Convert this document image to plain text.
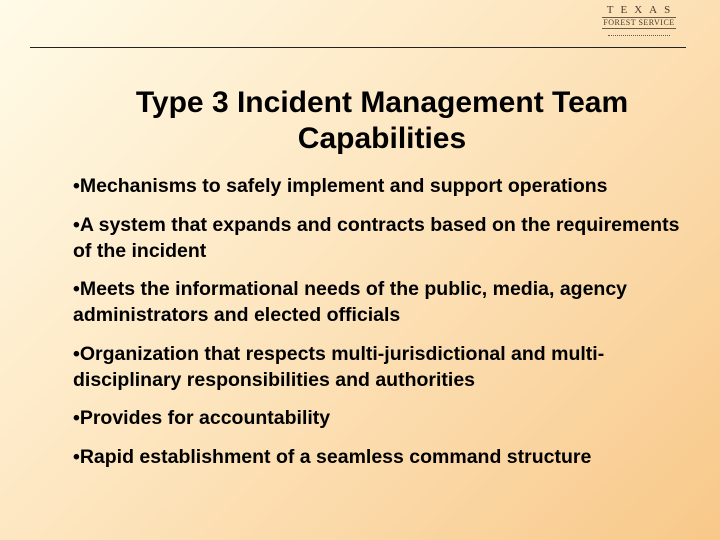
TEXAS
FOREST SERVICE
Type 3 Incident Management Team
Capabilities
•Mechanisms to safely implement and support operations
•A system that expands and contracts based on the requirements of the incident
•Meets the informational needs of the public, media, agency administrators and elected officials
•Organization that respects multi-jurisdictional and multi-disciplinary responsibilities and authorities
•Provides for accountability
•Rapid establishment of a seamless command structure
